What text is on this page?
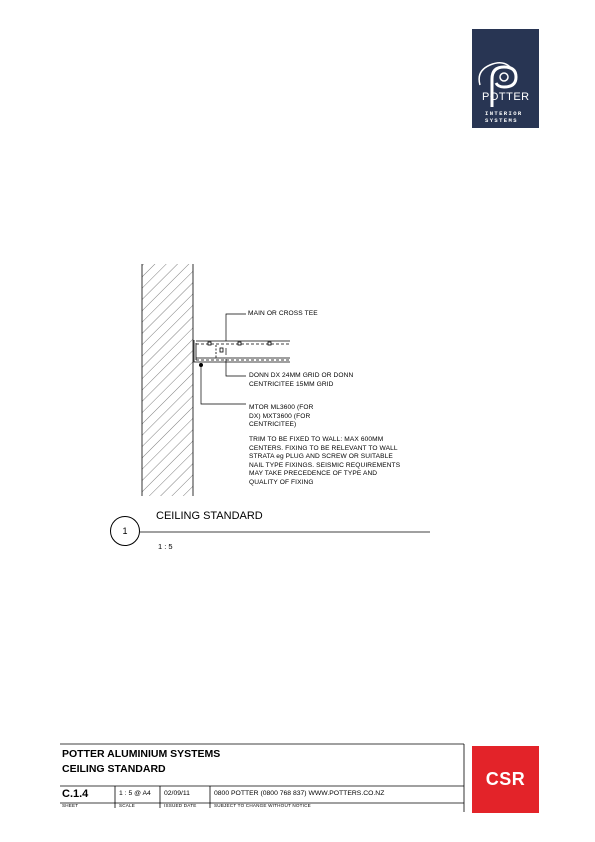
POTTER
INTERIOR
SYSTEMS
MAIN OR CROSS TEE
DONN DX 24MM GRID OR DONN
CENTRICITEE 15MM GRID
MTOR ML3600 (FOR
DX) MXT3600 (FOR
CENTRICITEE)
TRIM TO BE FIXED TO WALL: MAX 600MM
CENTERS. FIXING TO BE RELEVANT TO WALL
STRATA eg PLUG AND SCREW OR SUITABLE
NAIL TYPE FIXINGS. SEISMIC REQUIREMENTS
MAY TAKE PRECEDENCE OF TYPE AND
QUALITY OF FIXING
1
CEILING STANDARD
1 : 5
POTTER ALUMINIUM SYSTEMS
CEILING STANDARD
C.1.4
SHEET
1 : 5 @ A4
SCALE
02/09/11
ISSUED DATE
0800 POTTER (0800 768 837) WWW.POTTERS.CO.NZ
SUBJECT TO CHANGE WITHOUT NOTICE
CSR
